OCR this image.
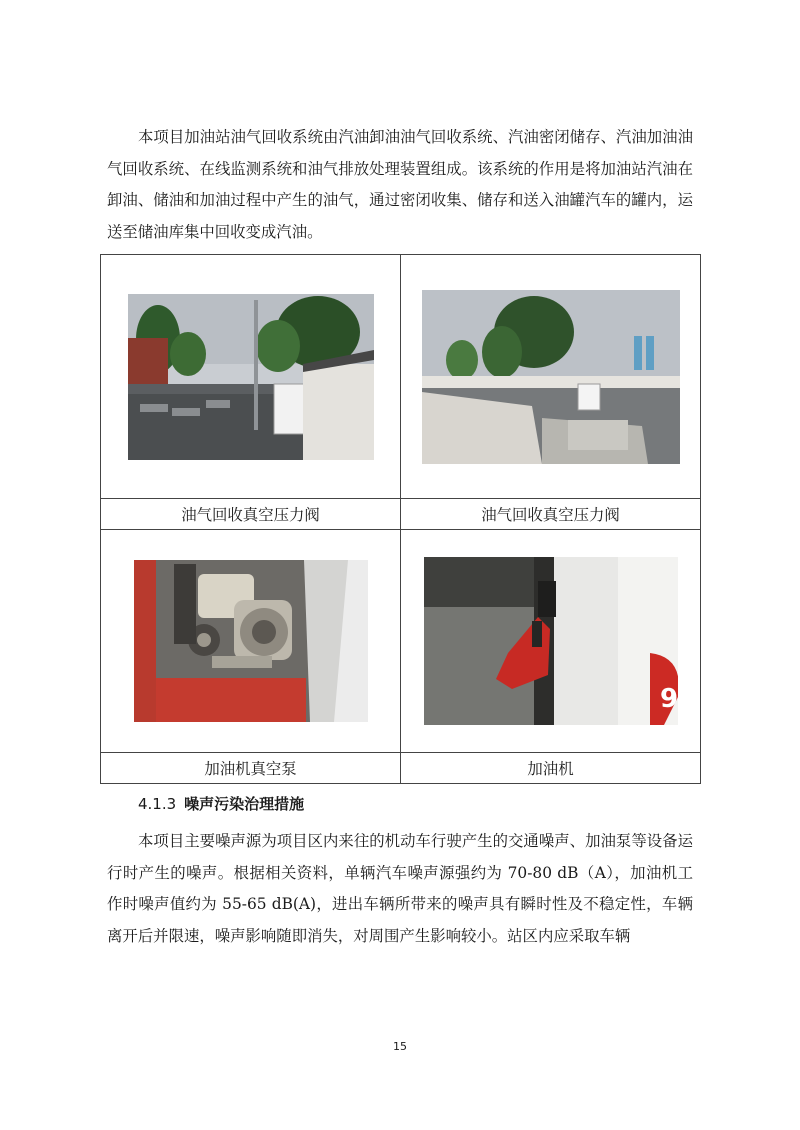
本项目加油站油气回收系统由汽油卸油油气回收系统、汽油密闭储存、汽油加油油气回收系统、在线监测系统和油气排放处理装置组成。该系统的作用是将加油站汽油在卸油、储油和加油过程中产生的油气，通过密闭收集、储存和送入油罐汽车的罐内，运送至储油库集中回收变成汽油。

油气回收真空压力阀	油气回收真空压力阀

9

加油机真空泵	加油机

4.1.3 噪声污染治理措施

本项目主要噪声源为项目区内来往的机动车行驶产生的交通噪声、加油泵等设备运行时产生的噪声。根据相关资料，单辆汽车噪声源强约为 70-80 dB（A），加油机工作时噪声值约为 55-65 dB(A)，进出车辆所带来的噪声具有瞬时性及不稳定性，车辆离开后并限速，噪声影响随即消失，对周围产生影响较小。站区内应采取车辆

15
